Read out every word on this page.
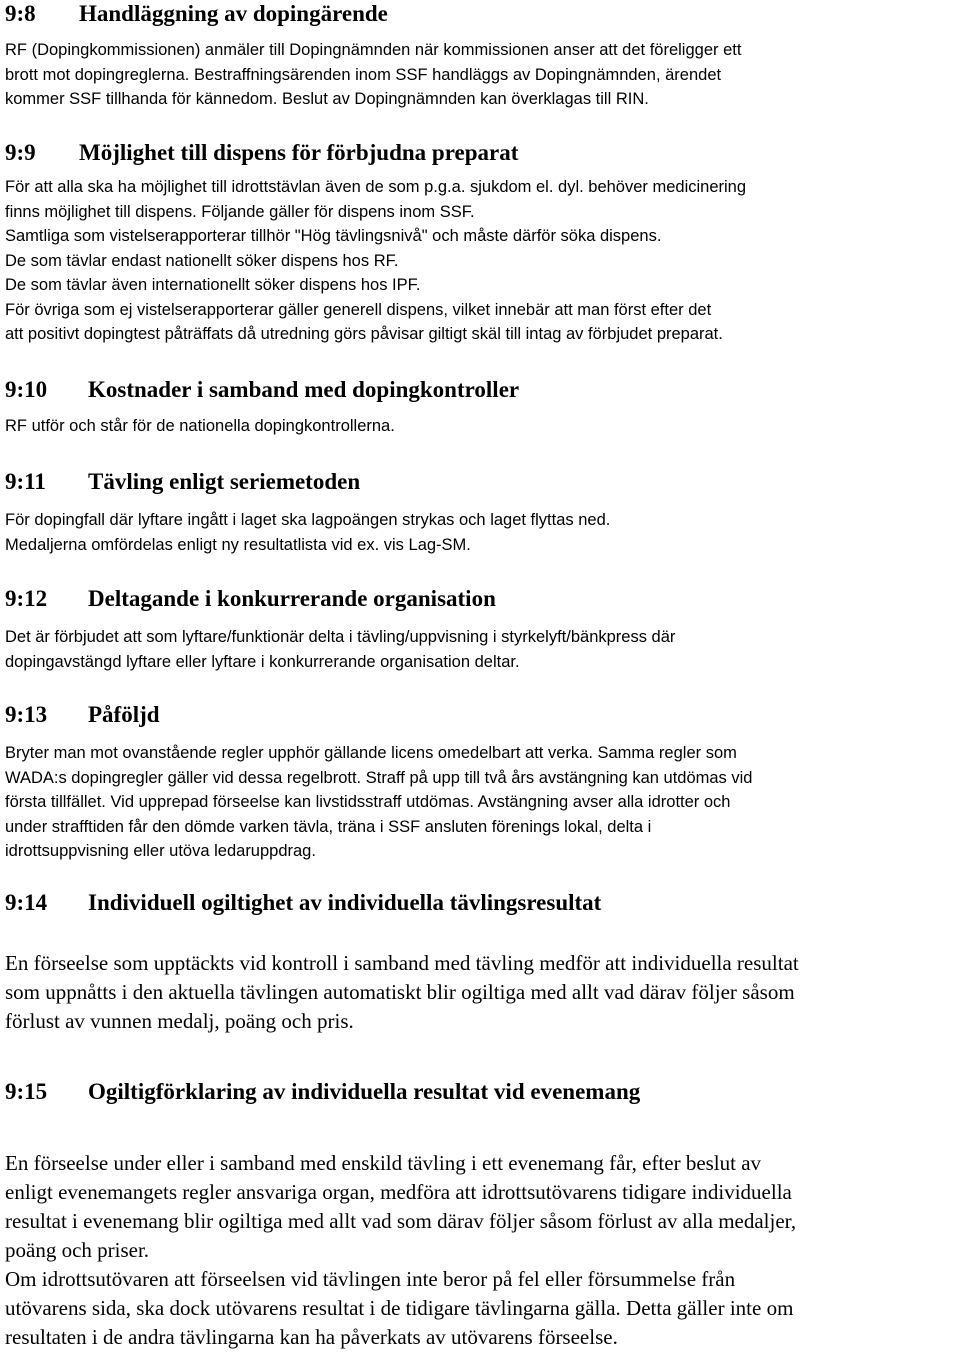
9:8 Handläggning av dopingärende

RF (Dopingkommissionen) anmäler till Dopingnämnden när kommissionen anser att det föreligger ett
brott mot dopingreglerna. Bestraffningsärenden inom SSF handläggs av Dopingnämnden, ärendet
kommer SSF tillhanda för kännedom. Beslut av Dopingnämnden kan överklagas till RIN.

9:9 Möjlighet till dispens för förbjudna preparat

För att alla ska ha möjlighet till idrottstävlan även de som p.g.a. sjukdom el. dyl. behöver medicinering
finns möjlighet till dispens. Följande gäller för dispens inom SSF.
Samtliga som vistelserapporterar tillhör "Hög tävlingsnivå" och måste därför söka dispens.
De som tävlar endast nationellt söker dispens hos RF.
De som tävlar även internationellt söker dispens hos IPF.
För övriga som ej vistelserapporterar gäller generell dispens, vilket innebär att man först efter det
att positivt dopingtest påträffats då utredning görs påvisar giltigt skäl till intag av förbjudet preparat.

9:10 Kostnader i samband med dopingkontroller

RF utför och står för de nationella dopingkontrollerna.

9:11 Tävling enligt seriemetoden

För dopingfall där lyftare ingått i laget ska lagpoängen strykas och laget flyttas ned.
Medaljerna omfördelas enligt ny resultatlista vid ex. vis Lag-SM.

9:12 Deltagande i konkurrerande organisation

Det är förbjudet att som lyftare/funktionär delta i tävling/uppvisning i styrkelyft/bänkpress där
dopingavstängd lyftare eller lyftare i konkurrerande organisation deltar.

9:13 Påföljd

Bryter man mot ovanstående regler upphör gällande licens omedelbart att verka. Samma regler som
WADA:s dopingregler gäller vid dessa regelbrott. Straff på upp till två års avstängning kan utdömas vid
första tillfället. Vid upprepad förseelse kan livstidsstraff utdömas. Avstängning avser alla idrotter och
under strafftiden får den dömde varken tävla, träna i SSF ansluten förenings lokal, delta i
idrottsuppvisning eller utöva ledaruppdrag.

9:14 Individuell ogiltighet av individuella tävlingsresultat

En förseelse som upptäckts vid kontroll i samband med tävling medför att individuella resultat
som uppnåtts i den aktuella tävlingen automatiskt blir ogiltiga med allt vad därav följer såsom
förlust av vunnen medalj, poäng och pris.

9:15 Ogiltigförklaring av individuella resultat vid evenemang

En förseelse under eller i samband med enskild tävling i ett evenemang får, efter beslut av
enligt evenemangets regler ansvariga organ, medföra att idrottsutövarens tidigare individuella
resultat i evenemang blir ogiltiga med allt vad som därav följer såsom förlust av alla medaljer,
poäng och priser.
Om idrottsutövaren att förseelsen vid tävlingen inte beror på fel eller försummelse från
utövarens sida, ska dock utövarens resultat i de tidigare tävlingarna gälla. Detta gäller inte om
resultaten i de andra tävlingarna kan ha påverkats av utövarens förseelse.
